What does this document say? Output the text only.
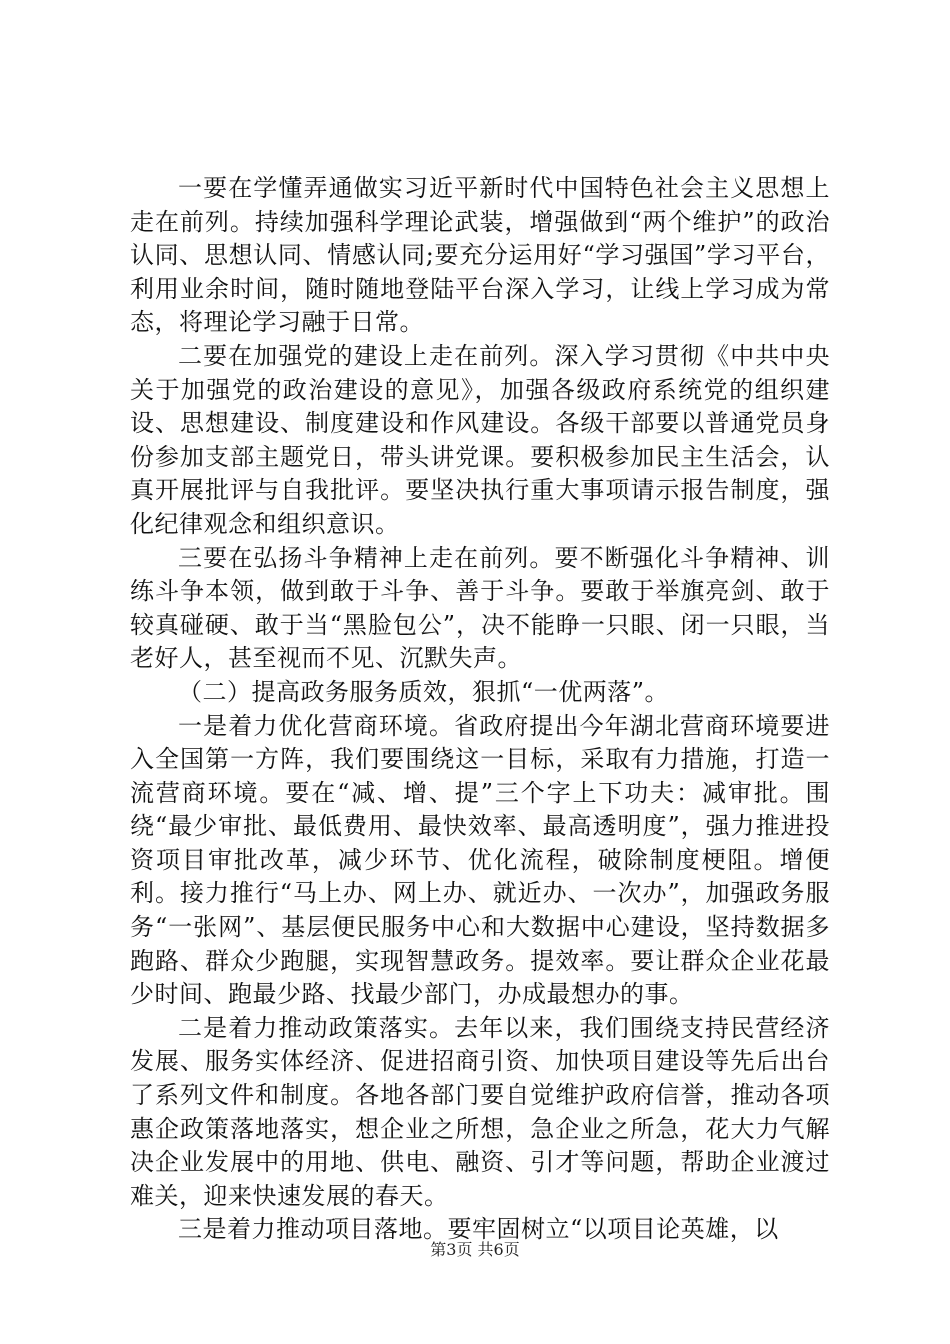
一要在学懂弄通做实习近平新时代中国特色社会主义思想上走在前列。持续加强科学理论武装，增强做到“两个维护”的政治认同、思想认同、情感认同;要充分运用好“学习强国”学习平台，利用业余时间，随时随地登陆平台深入学习，让线上学习成为常态，将理论学习融于日常。

二要在加强党的建设上走在前列。深入学习贯彻《中共中央关于加强党的政治建设的意见》，加强各级政府系统党的组织建设、思想建设、制度建设和作风建设。各级干部要以普通党员身份参加支部主题党日，带头讲党课。要积极参加民主生活会，认真开展批评与自我批评。要坚决执行重大事项请示报告制度，强化纪律观念和组织意识。

三要在弘扬斗争精神上走在前列。要不断强化斗争精神、训练斗争本领，做到敢于斗争、善于斗争。要敢于举旗亮剑、敢于较真碰硬、敢于当“黑脸包公”，决不能睁一只眼、闭一只眼，当老好人，甚至视而不见、沉默失声。

（二）提高政务服务质效，狠抓“一优两落”。

一是着力优化营商环境。省政府提出今年湖北营商环境要进入全国第一方阵，我们要围绕这一目标，采取有力措施，打造一流营商环境。要在“减、增、提”三个字上下功夫：减审批。围绕“最少审批、最低费用、最快效率、最高透明度”，强力推进投资项目审批改革，减少环节、优化流程，破除制度梗阻。增便利。接力推行“马上办、网上办、就近办、一次办”，加强政务服务“一张网”、基层便民服务中心和大数据中心建设，坚持数据多跑路、群众少跑腿，实现智慧政务。提效率。要让群众企业花最少时间、跑最少路、找最少部门，办成最想办的事。

二是着力推动政策落实。去年以来，我们围绕支持民营经济发展、服务实体经济、促进招商引资、加快项目建设等先后出台了系列文件和制度。各地各部门要自觉维护政府信誉，推动各项惠企政策落地落实，想企业之所想，急企业之所急，花大力气解决企业发展中的用地、供电、融资、引才等问题，帮助企业渡过难关，迎来快速发展的春天。

三是着力推动项目落地。要牢固树立“以项目论英雄，以

第3页 共6页
